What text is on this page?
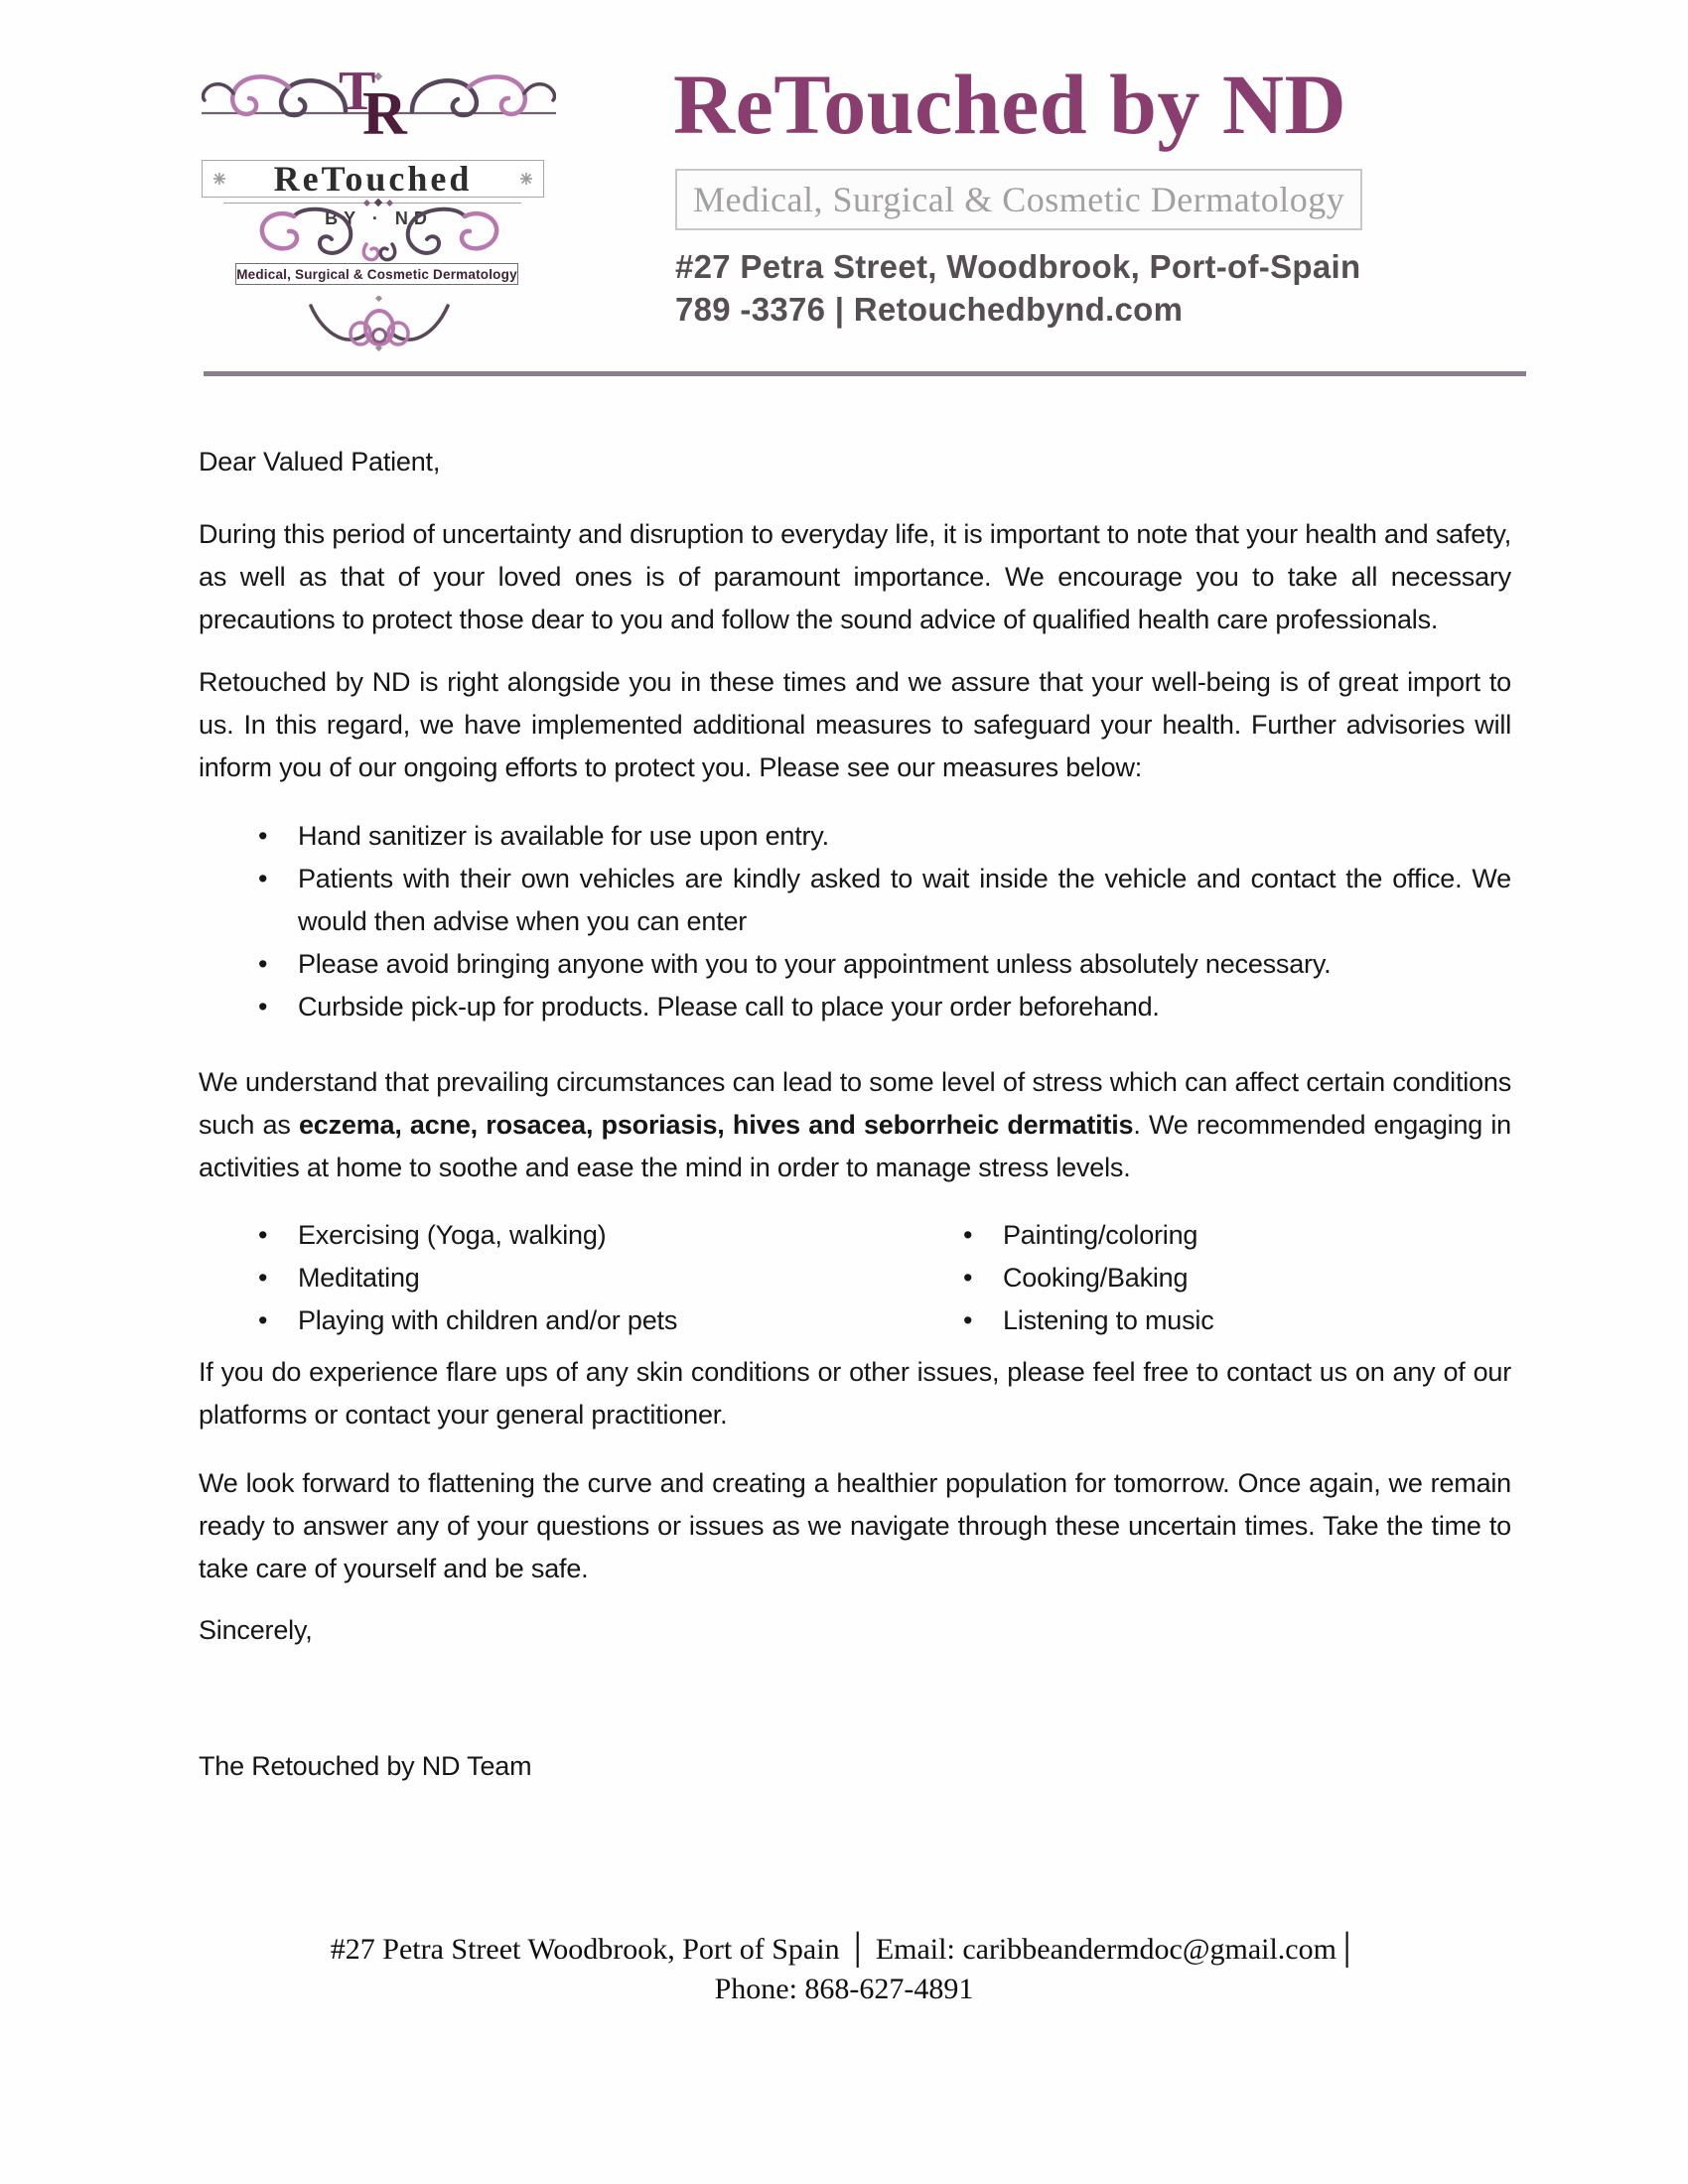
T
R
ReTouched
BY · ND
Medical, Surgical & Cosmetic Dermatology
ReTouched by ND
Medical, Surgical & Cosmetic Dermatology
#27 Petra Street, Woodbrook, Port-of-Spain
789 -3376 | Retouchedbynd.com

Dear Valued Patient,

During this period of uncertainty and disruption to everyday life, it is important to note that your health and safety, as well as that of your loved ones is of paramount importance. We encourage you to take all necessary precautions to protect those dear to you and follow the sound advice of qualified health care professionals.

Retouched by ND is right alongside you in these times and we assure that your well-being is of great import to us. In this regard, we have implemented additional measures to safeguard your health. Further advisories will inform you of our ongoing efforts to protect you. Please see our measures below:

• Hand sanitizer is available for use upon entry.
• Patients with their own vehicles are kindly asked to wait inside the vehicle and contact the office. We would then advise when you can enter
• Please avoid bringing anyone with you to your appointment unless absolutely necessary.
• Curbside pick-up for products. Please call to place your order beforehand.

We understand that prevailing circumstances can lead to some level of stress which can affect certain conditions such as eczema, acne, rosacea, psoriasis, hives and seborrheic dermatitis. We recommended engaging in activities at home to soothe and ease the mind in order to manage stress levels.

• Exercising (Yoga, walking)
• Meditating
• Playing with children and/or pets
• Painting/coloring
• Cooking/Baking
• Listening to music

If you do experience flare ups of any skin conditions or other issues, please feel free to contact us on any of our platforms or contact your general practitioner.

We look forward to flattening the curve and creating a healthier population for tomorrow. Once again, we remain ready to answer any of your questions or issues as we navigate through these uncertain times. Take the time to take care of yourself and be safe.

Sincerely,

The Retouched by ND Team

#27 Petra Street Woodbrook, Port of Spain │ Email: caribbeandermdoc@gmail.com│
Phone: 868-627-4891
